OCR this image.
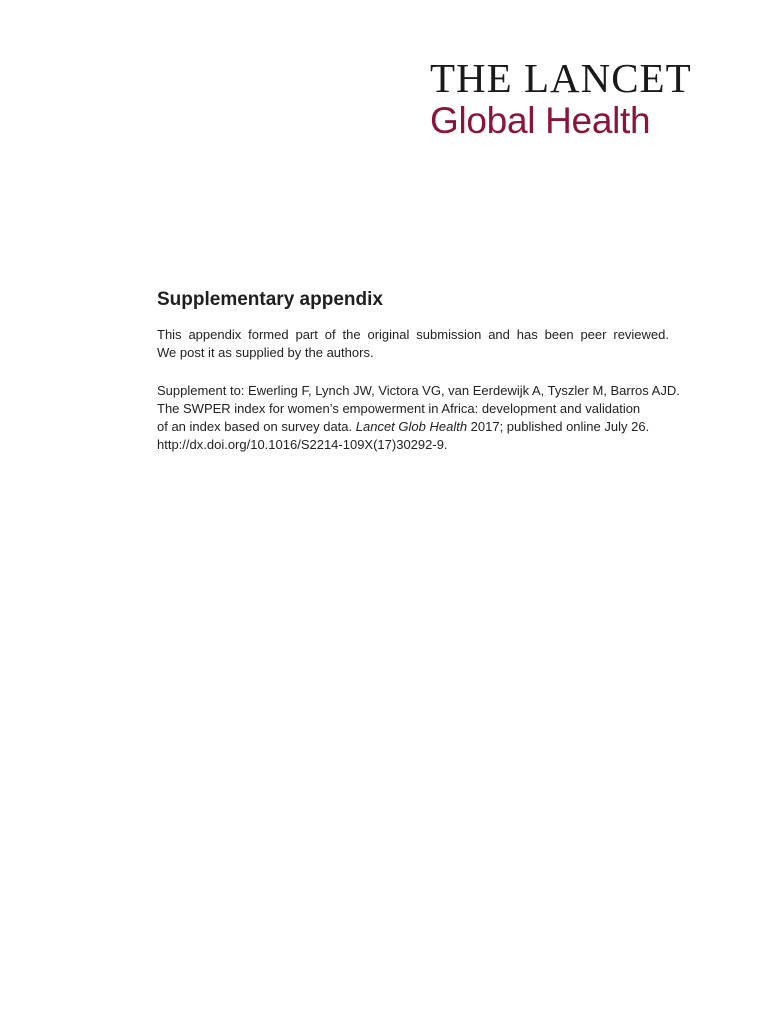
THE LANCET
Global Health
Supplementary appendix

This appendix formed part of the original submission and has been peer reviewed.
We post it as supplied by the authors.

Supplement to: Ewerling F, Lynch JW, Victora VG, van Eerdewijk A, Tyszler M, Barros AJD.
The SWPER index for women’s empowerment in Africa: development and validation
of an index based on survey data. Lancet Glob Health 2017; published online July 26.
http://dx.doi.org/10.1016/S2214-109X(17)30292-9.
